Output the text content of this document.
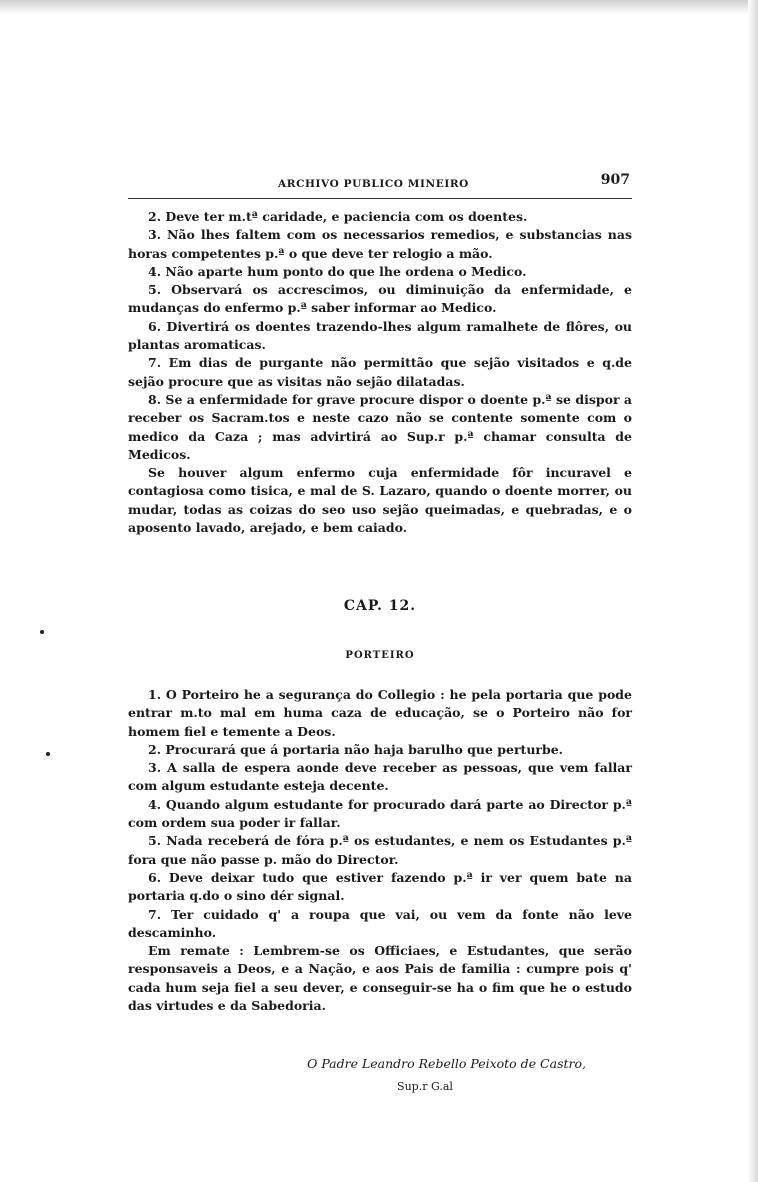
ARCHIVO PUBLICO MINEIRO	907

2. Deve ter m.tª caridade, e paciencia com os doentes.

3. Não lhes faltem com os necessarios remedios, e substancias nas horas competentes p.ª o que deve ter relogio a mão.

4. Não aparte hum ponto do que lhe ordena o Medico.

5. Observará os accrescimos, ou diminuição da enfermidade, e mudanças do enfermo p.ª saber informar ao Medico.

6. Divertirá os doentes trazendo-lhes algum ramalhete de flôres, ou plantas aromaticas.

7. Em dias de purgante não permittão que sejão visitados e q.de sejão procure que as visitas não sejão dilatadas.

8. Se a enfermidade for grave procure dispor o doente p.ª se dispor a receber os Sacram.tos e neste cazo não se contente somente com o medico da Caza ; mas advirtirá ao Sup.r p.ª chamar consulta de Medicos.

Se houver algum enfermo cuja enfermidade fôr incuravel e contagiosa como tisica, e mal de S. Lazaro, quando o doente morrer, ou mudar, todas as coizas do seo uso sejão queimadas, e quebradas, e o aposento lavado, arejado, e bem caiado.

CAP. 12.
PORTEIRO

1. O Porteiro he a segurança do Collegio : he pela portaria que pode entrar m.to mal em huma caza de educação, se o Porteiro não for homem fiel e temente a Deos.

2. Procurará que á portaria não haja barulho que perturbe.

3. A salla de espera aonde deve receber as pessoas, que vem fallar com algum estudante esteja decente.

4. Quando algum estudante for procurado dará parte ao Director p.ª com ordem sua poder ir fallar.

5. Nada receberá de fóra p.ª os estudantes, e nem os Estudantes p.ª fora que não passe p. mão do Director.

6. Deve deixar tudo que estiver fazendo p.ª ir ver quem bate na portaria q.do o sino dér signal.

7. Ter cuidado q' a roupa que vai, ou vem da fonte não leve descaminho.

Em remate : Lembrem-se os Officiaes, e Estudantes, que serão responsaveis a Deos, e a Nação, e aos Pais de familia : cumpre pois q' cada hum seja fiel a seu dever, e conseguir-se ha o fim que he o estudo das virtudes e da Sabedoria.

O Padre Leandro Rebello Peixoto de Castro,
Sup.r G.al
